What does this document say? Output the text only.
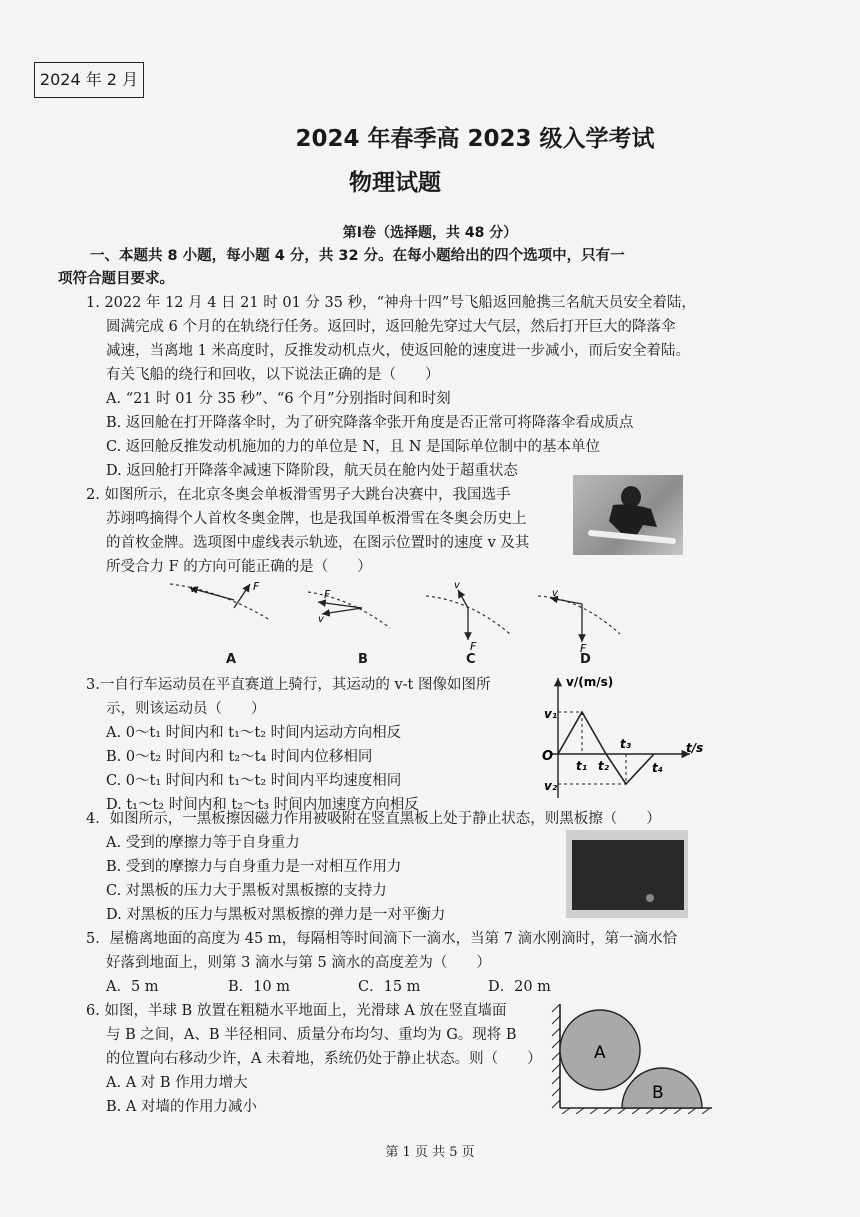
2024 年 2 月
2024 年春季高 2023 级入学考试
物理试题
第Ⅰ卷（选择题，共 48 分）
一、本题共 8 小题，每小题 4 分，共 32 分。在每小题给出的四个选项中，只有一
项符合题目要求。
1. 2022 年 12 月 4 日 21 时 01 分 35 秒，“神舟十四”号飞船返回舱携三名航天员安全着陆，
圆满完成 6 个月的在轨绕行任务。返回时，返回舱先穿过大气层，然后打开巨大的降落伞
减速，当离地 1 米高度时，反推发动机点火，使返回舱的速度进一步减小，而后安全着陆。
有关飞船的绕行和回收，以下说法正确的是（　　）
A. “21 时 01 分 35 秒”、“6 个月”分别指时间和时刻
B. 返回舱在打开降落伞时，为了研究降落伞张开角度是否正常可将降落伞看成质点
C. 返回舱反推发动机施加的力的单位是 N，且 N 是国际单位制中的基本单位
D. 返回舱打开降落伞减速下降阶段，航天员在舱内处于超重状态
2. 如图所示，在北京冬奥会单板滑雪男子大跳台决赛中，我国选手
苏翊鸣摘得个人首枚冬奥金牌，也是我国单板滑雪在冬奥会历史上
的首枚金牌。选项图中虚线表示轨迹，在图示位置时的速度 v 及其
所受合力 F 的方向可能正确的是（　　）
F
v	F
v
v
F
v
F
A	B	C	D
3.一自行车运动员在平直赛道上骑行，其运动的 v-t 图像如图所
示，则该运动员（　　）
A. 0～t₁ 时间内和 t₁～t₂ 时间内运动方向相反
B. 0～t₂ 时间内和 t₂～t₄ 时间内位移相同
C. 0～t₁ 时间内和 t₁～t₂ 时间内平均速度相同
D. t₁～t₂ 时间内和 t₂～t₃ 时间内加速度方向相反
v/(m/s)
t/s
O
v₁
v₂
t₁ t₂
t₃
t₄
4．如图所示，一黑板擦因磁力作用被吸附在竖直黑板上处于静止状态，则黑板擦（　　）
A. 受到的摩擦力等于自身重力
B. 受到的摩擦力与自身重力是一对相互作用力
C. 对黑板的压力大于黑板对黑板擦的支持力
D. 对黑板的压力与黑板对黑板擦的弹力是一对平衡力
5．屋檐离地面的高度为 45 m，每隔相等时间滴下一滴水，当第 7 滴水刚滴时，第一滴水恰
好落到地面上，则第 3 滴水与第 5 滴水的高度差为（　　）
A．5 m	B．10 m	C．15 m	D．20 m
6. 如图，半球 B 放置在粗糙水平地面上，光滑球 A 放在竖直墙面
与 B 之间，A、B 半径相同、质量分布均匀、重均为 G。现将 B
的位置向右移动少许，A 未着地，系统仍处于静止状态。则（　　）
A. A 对 B 作用力增大
B. A 对墙的作用力减小
A
B
第 1 页 共 5 页
